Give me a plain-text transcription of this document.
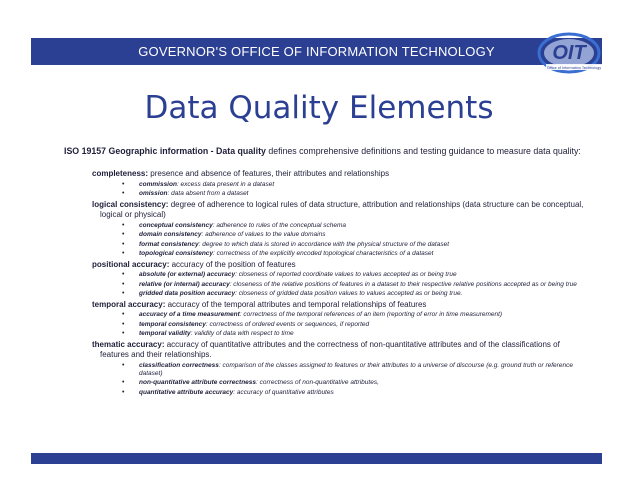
GOVERNOR'S OFFICE OF INFORMATION TECHNOLOGY	OIT
Office of Information Technology
Data Quality Elements
ISO 19157 Geographic information - Data quality defines comprehensive definitions and testing guidance to measure data quality:
completeness: presence and absence of features, their attributes and relationships
• commission: excess data present in a dataset
• omission: data absent from a dataset
logical consistency: degree of adherence to logical rules of data structure, attribution and relationships (data structure can be conceptual, logical or physical)
• conceptual consistency: adherence to rules of the conceptual schema
• domain consistency: adherence of values to the value domains
• format consistency: degree to which data is stored in accordance with the physical structure of the dataset
• topological consistency: correctness of the explicitly encoded topological characteristics of a dataset
positional accuracy: accuracy of the position of features
• absolute (or external) accuracy: closeness of reported coordinate values to values accepted as or being true
• relative (or internal) accuracy: closeness of the relative positions of features in a dataset to their respective relative positions accepted as or being true
• gridded data position accuracy: closeness of gridded data position values to values accepted as or being true.
temporal accuracy: accuracy of the temporal attributes and temporal relationships of features
• accuracy of a time measurement: correctness of the temporal references of an item (reporting of error in time measurement)
• temporal consistency: correctness of ordered events or sequences, if reported
• temporal validity: validity of data with respect to time
thematic accuracy: accuracy of quantitative attributes and the correctness of non-quantitative attributes and of the classifications of features and their relationships.
• classification correctness: comparison of the classes assigned to features or their attributes to a universe of discourse (e.g. ground truth or reference dataset)
• non-quantitative attribute correctness: correctness of non-quantitative attributes,
• quantitative attribute accuracy: accuracy of quantitative attributes
